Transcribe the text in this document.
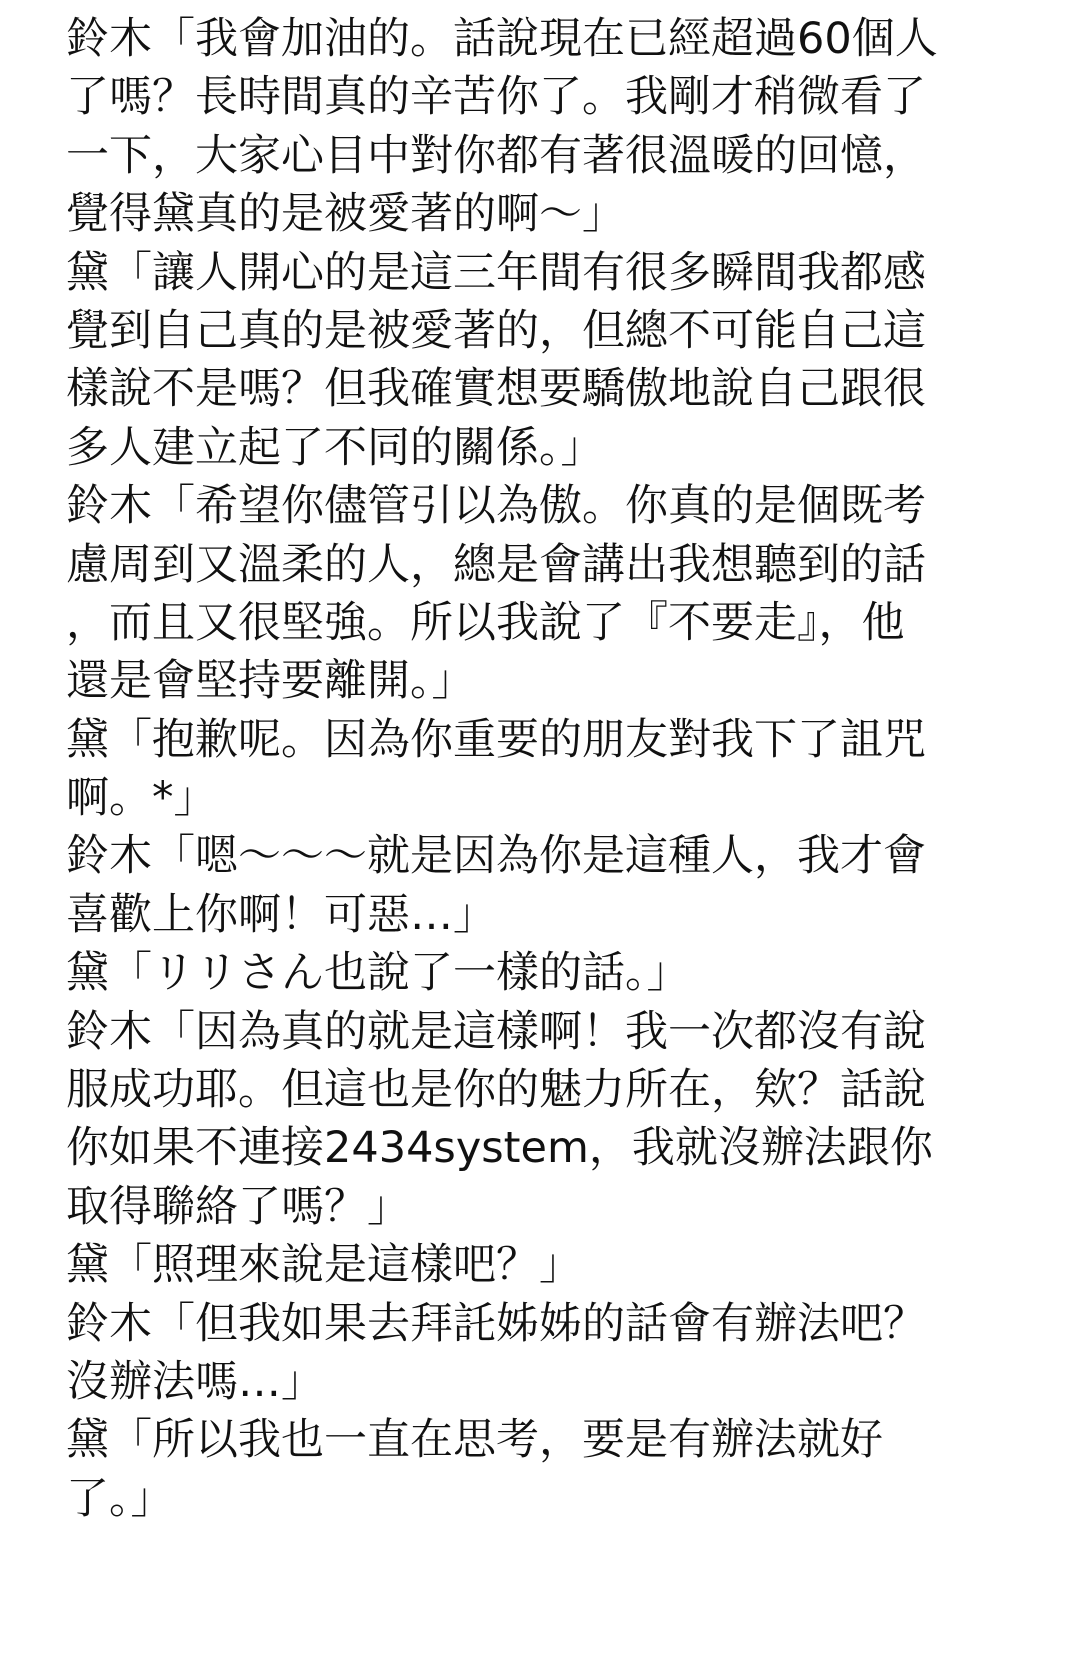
鈴木「我會加油的。話說現在已經超過60個人
了嗎？長時間真的辛苦你了。我剛才稍微看了
一下，大家心目中對你都有著很溫暖的回憶，
覺得黛真的是被愛著的啊～」
黛「讓人開心的是這三年間有很多瞬間我都感
覺到自己真的是被愛著的，但總不可能自己這
樣說不是嗎？但我確實想要驕傲地說自己跟很
多人建立起了不同的關係。」
鈴木「希望你儘管引以為傲。你真的是個既考
慮周到又溫柔的人，總是會講出我想聽到的話
，而且又很堅強。所以我說了『不要走』，他
還是會堅持要離開。」
黛「抱歉呢。因為你重要的朋友對我下了詛咒
啊。*」
鈴木「嗯～～～就是因為你是這種人，我才會
喜歡上你啊！可惡…」
黛「リリさん也說了一樣的話。」
鈴木「因為真的就是這樣啊！我一次都沒有說
服成功耶。但這也是你的魅力所在，欸？話說
你如果不連接2434system，我就沒辦法跟你
取得聯絡了嗎？」
黛「照理來說是這樣吧？」
鈴木「但我如果去拜託姊姊的話會有辦法吧？
沒辦法嗎…」
黛「所以我也一直在思考，要是有辦法就好
了。」
